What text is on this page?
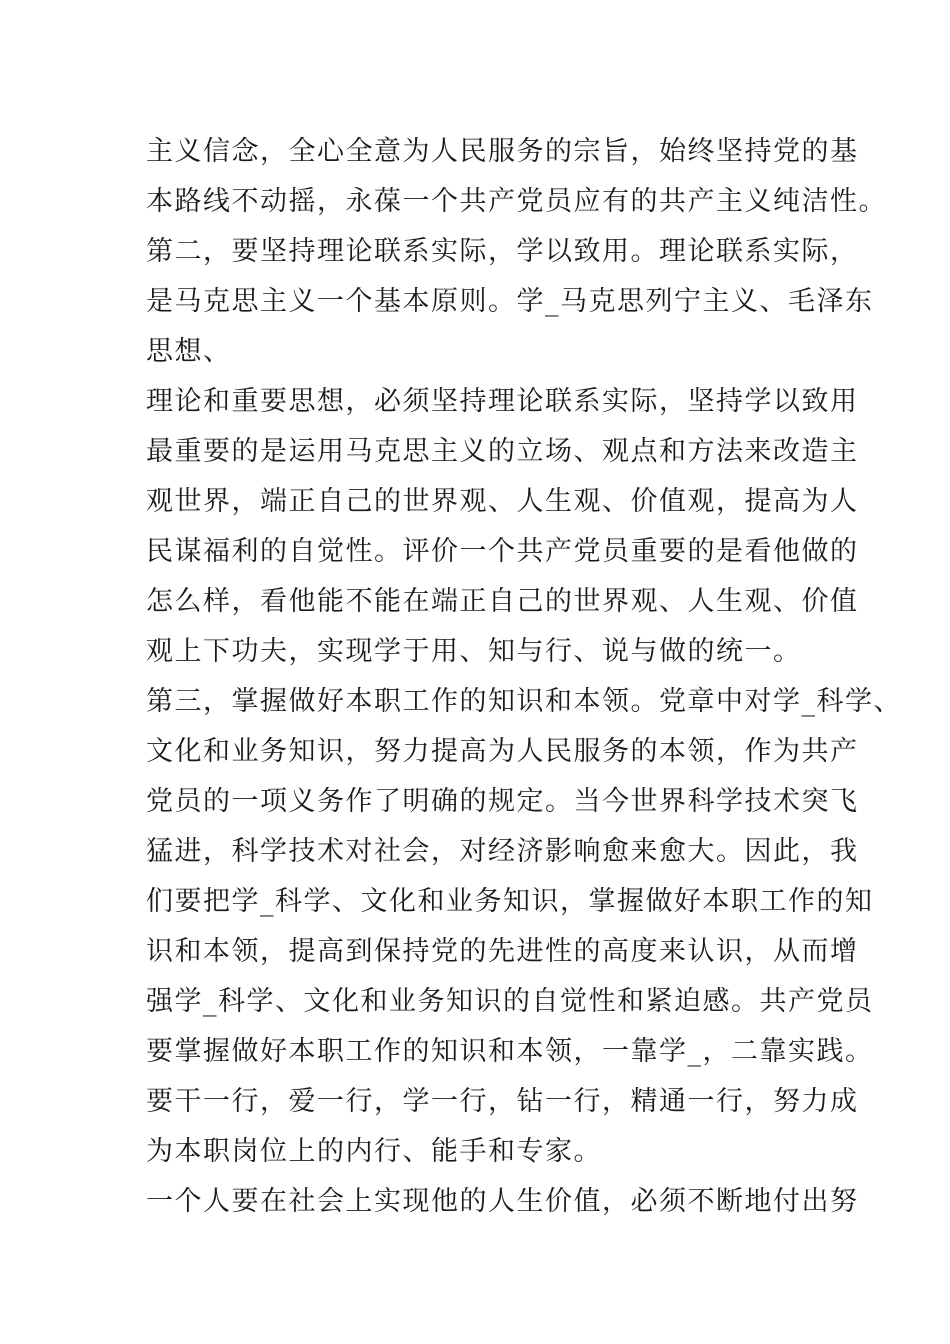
主义信念，全心全意为人民服务的宗旨，始终坚持党的基

本路线不动摇，永葆一个共产党员应有的共产主义纯洁性。

第二，要坚持理论联系实际，学以致用。理论联系实际，

是马克思主义一个基本原则。学_马克思列宁主义、毛泽东

思想、

理论和重要思想，必须坚持理论联系实际，坚持学以致用

最重要的是运用马克思主义的立场、观点和方法来改造主

观世界，端正自己的世界观、人生观、价值观，提高为人

民谋福利的自觉性。评价一个共产党员重要的是看他做的

怎么样，看他能不能在端正自己的世界观、人生观、价值

观上下功夫，实现学于用、知与行、说与做的统一。

第三，掌握做好本职工作的知识和本领。党章中对学_科学、

文化和业务知识，努力提高为人民服务的本领，作为共产

党员的一项义务作了明确的规定。当今世界科学技术突飞

猛进，科学技术对社会，对经济影响愈来愈大。因此，我

们要把学_科学、文化和业务知识，掌握做好本职工作的知

识和本领，提高到保持党的先进性的高度来认识，从而增

强学_科学、文化和业务知识的自觉性和紧迫感。共产党员

要掌握做好本职工作的知识和本领，一靠学_，二靠实践。

要干一行，爱一行，学一行，钻一行，精通一行，努力成

为本职岗位上的内行、能手和专家。

一个人要在社会上实现他的人生价值，必须不断地付出努
